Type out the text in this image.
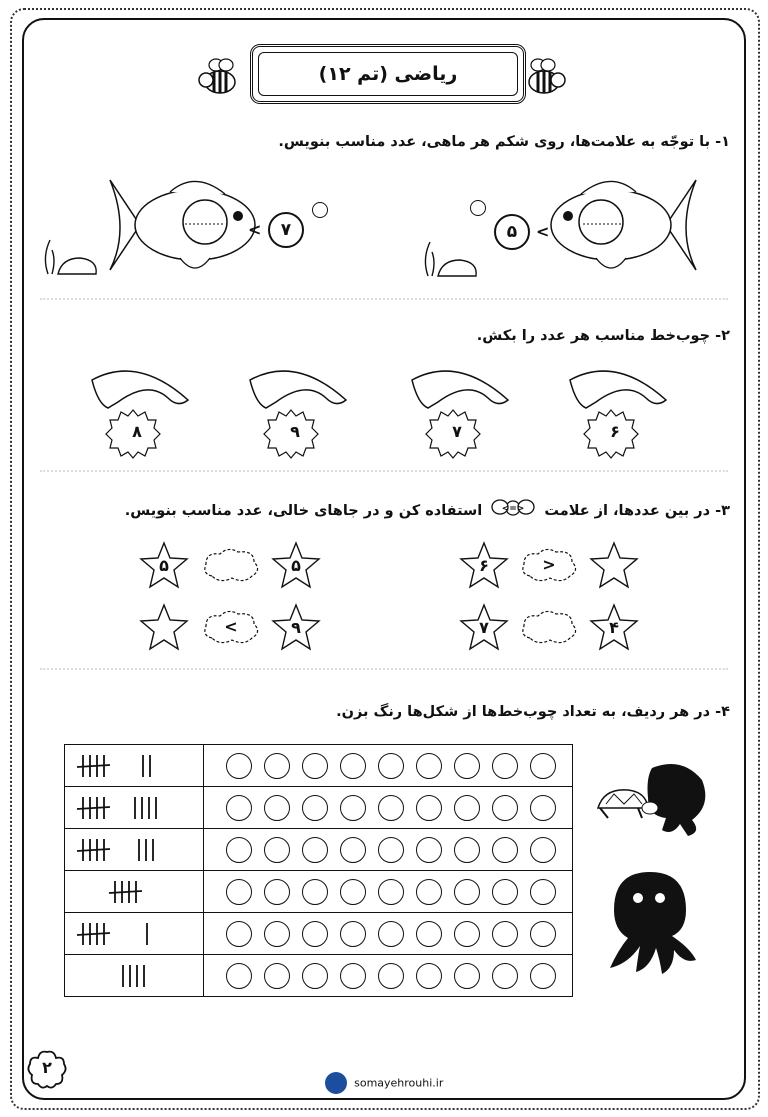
ریاضی (تم ۱۲)
۱- با توجّه به علامت‌ها، روی شکم هر ماهی، عدد مناسب بنویس.
۷
<	۵	<
۲- چوب‌خط مناسب هر عدد را بکش.
۸	۹	۷	۶
۳- در بین عددها، از علامت
<=>
استفاده کن و در جاهای خالی، عدد مناسب بنویس.
۵	۵
<	۹
۶	>
۷	۴
۴- در هر ردیف، به تعداد چوب‌خط‌ها از شکل‌ها رنگ بزن.

۲
somayehrouhi.ir
